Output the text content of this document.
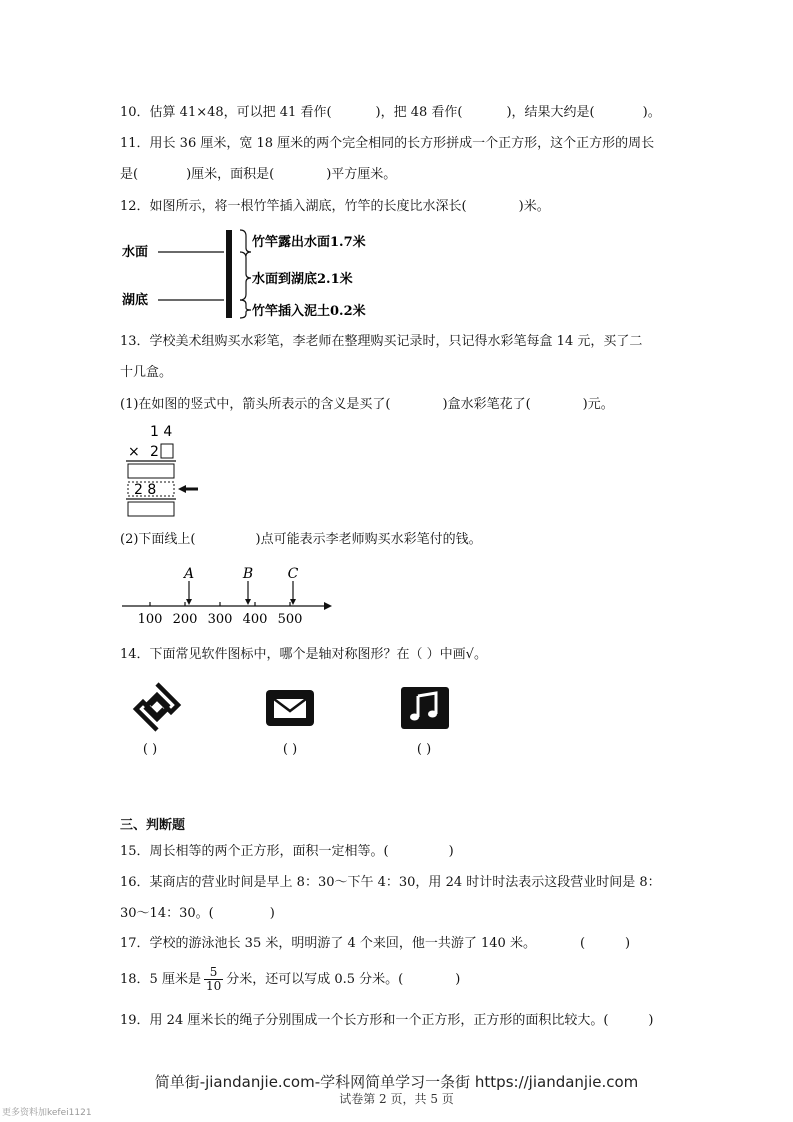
10．估算 41×48，可以把 41 看作(	)，把 48 看作(	)，结果大约是(	)。
11．用长 36 厘米，宽 18 厘米的两个完全相同的长方形拼成一个正方形，这个正方形的周长
是(	)厘米，面积是(	)平方厘米。
12．如图所示，将一根竹竿插入湖底，竹竿的长度比水深长(	)米。
水面
湖底
竹竿露出水面1.7米
水面到湖底2.1米
竹竿插入泥土0.2米
13．学校美术组购买水彩笔，李老师在整理购买记录时，只记得水彩笔每盒 14 元，买了二
十几盒。
(1)在如图的竖式中，箭头所表示的含义是买了(	)盒水彩笔花了(	)元。
1 4
× 2
2 8
(2)下面线上(	)点可能表示李老师购买水彩笔付的钱。
100 200 300 400 500
A	B C
14．下面常见软件图标中，哪个是轴对称图形？在（ ）中画√。
( )	( )	( )
三、判断题
15．周长相等的两个正方形，面积一定相等。(	)
16．某商店的营业时间是早上 8：30～下午 4：30，用 24 时计时法表示这段营业时间是 8：
30～14：30。(	)
17．学校的游泳池长 35 米，明明游了 4 个来回，他一共游了 140 米。	(	)
18．5 厘米是 $\frac{5}{10}$ 分米，还可以写成 0.5 分米。(	)
19．用 24 厘米长的绳子分别围成一个长方形和一个正方形，正方形的面积比较大。(	)
简单街-jiandanjie.com-学科网简单学习一条街 https://jiandanjie.com
试卷第 2 页，共 5 页
更多资料加kefei1121
